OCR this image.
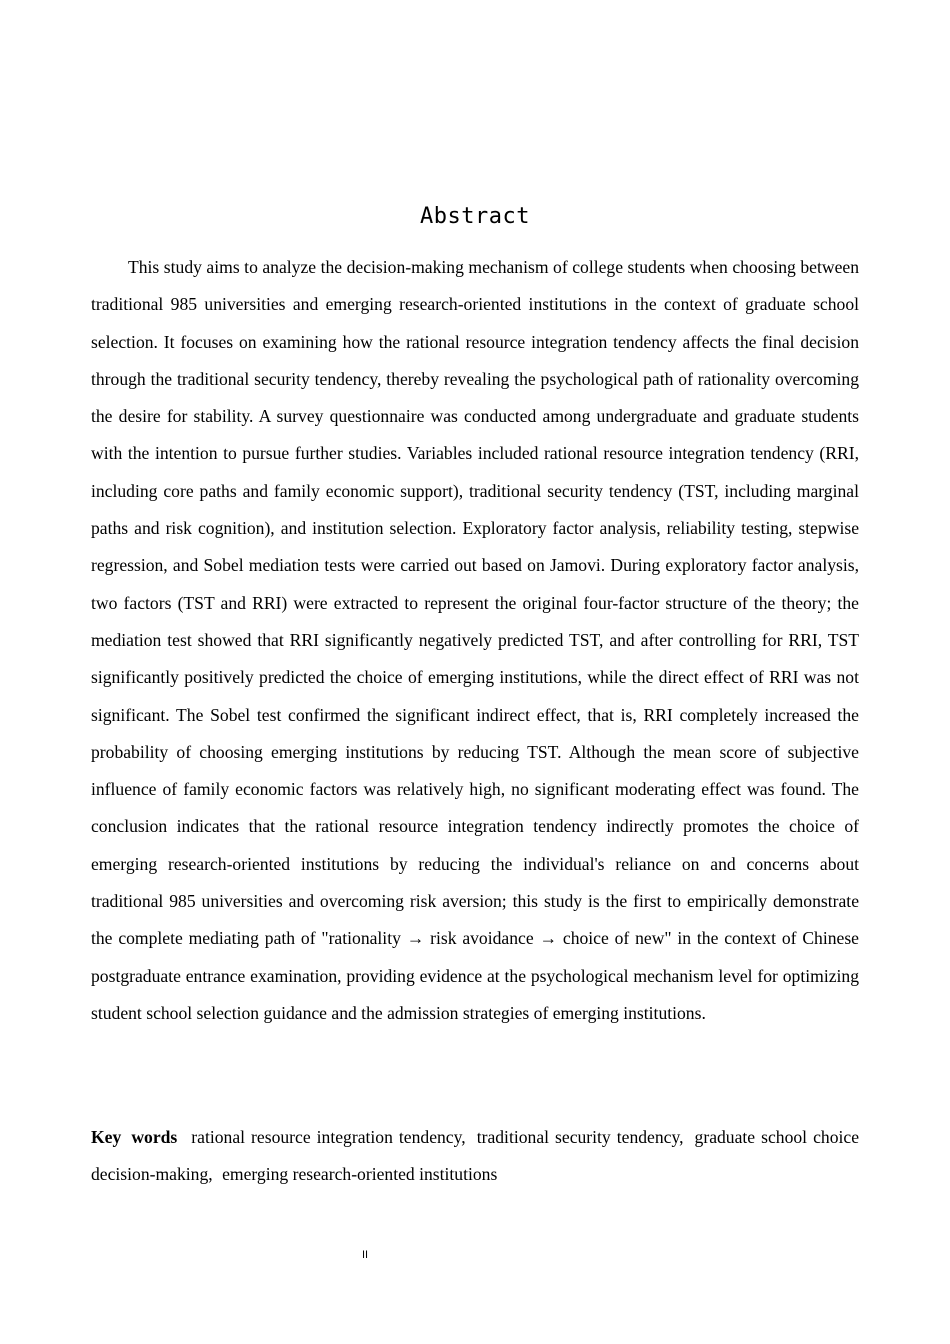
Abstract

This study aims to analyze the decision-making mechanism of college students when choosing between traditional 985 universities and emerging research-oriented institutions in the context of graduate school selection. It focuses on examining how the rational resource integration tendency affects the final decision through the traditional security tendency, thereby revealing the psychological path of rationality overcoming the desire for stability. A survey questionnaire was conducted among undergraduate and graduate students with the intention to pursue further studies. Variables included rational resource integration tendency (RRI, including core paths and family economic support), traditional security tendency (TST, including marginal paths and risk cognition), and institution selection. Exploratory factor analysis, reliability testing, stepwise regression, and Sobel mediation tests were carried out based on Jamovi. During exploratory factor analysis, two factors (TST and RRI) were extracted to represent the original four-factor structure of the theory; the mediation test showed that RRI significantly negatively predicted TST, and after controlling for RRI, TST significantly positively predicted the choice of emerging institutions, while the direct effect of RRI was not significant. The Sobel test confirmed the significant indirect effect, that is, RRI completely increased the probability of choosing emerging institutions by reducing TST. Although the mean score of subjective influence of family economic factors was relatively high, no significant moderating effect was found. The conclusion indicates that the rational resource integration tendency indirectly promotes the choice of emerging research-oriented institutions by reducing the individual's reliance on and concerns about traditional 985 universities and overcoming risk aversion; this study is the first to empirically demonstrate the complete mediating path of "rationality → risk avoidance → choice of new" in the context of Chinese postgraduate entrance examination, providing evidence at the psychological mechanism level for optimizing student school selection guidance and the admission strategies of emerging institutions.

Key words rational resource integration tendency, traditional security tendency, graduate school choice decision-making, emerging research-oriented institutions

II
